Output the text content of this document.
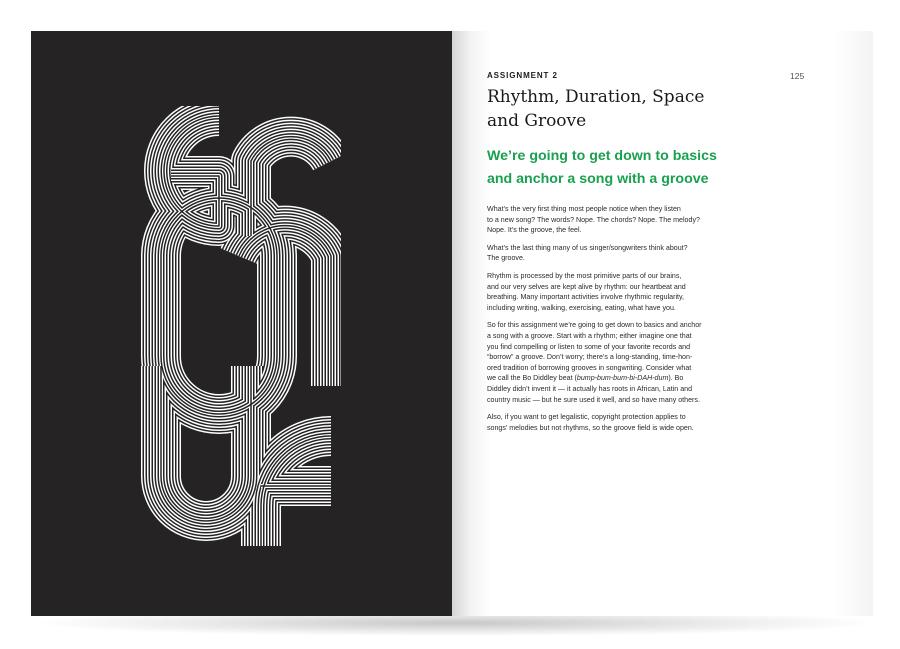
ASSIGNMENT 2	125
Rhythm, Duration, Space
and Groove
We’re going to get down to basics
and anchor a song with a groove

What’s the very first thing most people notice when they listen
to a new song? The words? Nope. The chords? Nope. The melody?
Nope. It’s the groove, the feel.

What’s the last thing many of us singer/songwriters think about?
The groove.

Rhythm is processed by the most primitive parts of our brains,
and our very selves are kept alive by rhythm: our heartbeat and
breathing. Many important activities involve rhythmic regularity,
including writing, walking, exercising, eating, what have you.

So for this assignment we’re going to get down to basics and anchor
a song with a groove. Start with a rhythm; either imagine one that
you find compelling or listen to some of your favorite records and
“borrow” a groove. Don’t worry; there’s a long-standing, time-hon-
ored tradition of borrowing grooves in songwriting. Consider what
we call the Bo Diddley beat (bump-bum-bum-bi-DAH-dum). Bo
Diddley didn’t invent it — it actually has roots in African, Latin and
country music — but he sure used it well, and so have many others.

Also, if you want to get legalistic, copyright protection applies to
songs’ melodies but not rhythms, so the groove field is wide open.
